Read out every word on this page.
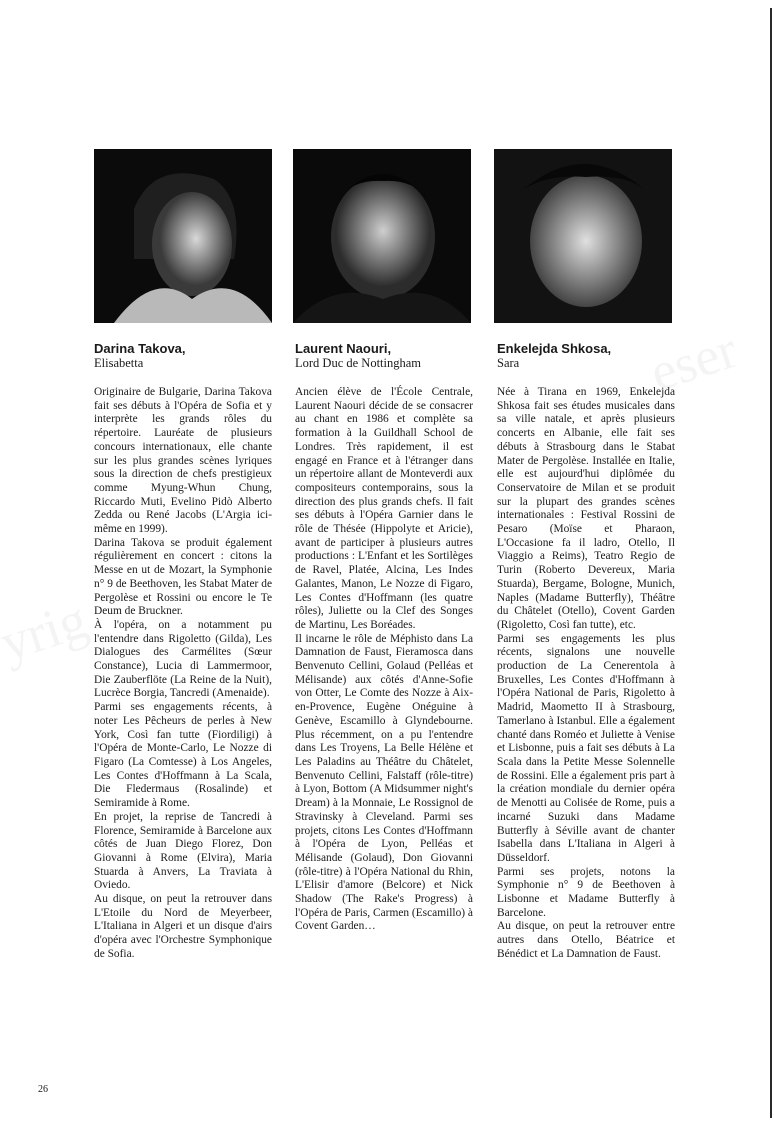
Darina Takova,
Elisabetta

Originaire de Bulgarie, Darina Takova fait ses débuts à l'Opéra de Sofia et y interprète les grands rôles du répertoire. Lauréate de plusieurs concours internationaux, elle chante sur les plus grandes scènes lyriques sous la direction de chefs prestigieux comme Myung-Whun Chung, Riccardo Muti, Evelino Pidò Alberto Zedda ou René Jacobs (L'Argia ici-même en 1999).

Darina Takova se produit également régulièrement en concert : citons la Messe en ut de Mozart, la Symphonie n° 9 de Beethoven, les Stabat Mater de Pergolèse et Rossini ou encore le Te Deum de Bruckner.

À l'opéra, on a notamment pu l'entendre dans Rigoletto (Gilda), Les Dialogues des Carmélites (Sœur Constance), Lucia di Lammermoor, Die Zauberflöte (La Reine de la Nuit), Lucrèce Borgia, Tancredi (Amenaide).

Parmi ses engagements récents, à noter Les Pêcheurs de perles à New York, Così fan tutte (Fiordiligi) à l'Opéra de Monte-Carlo, Le Nozze di Figaro (La Comtesse) à Los Angeles, Les Contes d'Hoffmann à La Scala, Die Fledermaus (Rosalinde) et Semiramide à Rome.

En projet, la reprise de Tancredi à Florence, Semiramide à Barcelone aux côtés de Juan Diego Florez, Don Giovanni à Rome (Elvira), Maria Stuarda à Anvers, La Traviata à Oviedo.

Au disque, on peut la retrouver dans L'Etoile du Nord de Meyerbeer, L'Italiana in Algeri et un disque d'airs d'opéra avec l'Orchestre Symphonique de Sofia.

Laurent Naouri,
Lord Duc de Nottingham

Ancien élève de l'École Centrale, Laurent Naouri décide de se consacrer au chant en 1986 et complète sa formation à la Guildhall School de Londres. Très rapidement, il est engagé en France et à l'étranger dans un répertoire allant de Monteverdi aux compositeurs contemporains, sous la direction des plus grands chefs. Il fait ses débuts à l'Opéra Garnier dans le rôle de Thésée (Hippolyte et Aricie), avant de participer à plusieurs autres productions : L'Enfant et les Sortilèges de Ravel, Platée, Alcina, Les Indes Galantes, Manon, Le Nozze di Figaro, Les Contes d'Hoffmann (les quatre rôles), Juliette ou la Clef des Songes de Martinu, Les Boréades.

Il incarne le rôle de Méphisto dans La Damnation de Faust, Fieramosca dans Benvenuto Cellini, Golaud (Pelléas et Mélisande) aux côtés d'Anne-Sofie von Otter, Le Comte des Nozze à Aix-en-Provence, Eugène Onéguine à Genève, Escamillo à Glyndebourne. Plus récemment, on a pu l'entendre dans Les Troyens, La Belle Hélène et Les Paladins au Théâtre du Châtelet, Benvenuto Cellini, Falstaff (rôle-titre) à Lyon, Bottom (A Midsummer night's Dream) à la Monnaie, Le Rossignol de Stravinsky à Cleveland. Parmi ses projets, citons Les Contes d'Hoffmann à l'Opéra de Lyon, Pelléas et Mélisande (Golaud), Don Giovanni (rôle-titre) à l'Opéra National du Rhin, L'Elisir d'amore (Belcore) et Nick Shadow (The Rake's Progress) à l'Opéra de Paris, Carmen (Escamillo) à Covent Garden…

Enkelejda Shkosa,
Sara

Née à Tirana en 1969, Enkelejda Shkosa fait ses études musicales dans sa ville natale, et après plusieurs concerts en Albanie, elle fait ses débuts à Strasbourg dans le Stabat Mater de Pergolèse. Installée en Italie, elle est aujourd'hui diplômée du Conservatoire de Milan et se produit sur la plupart des grandes scènes internationales : Festival Rossini de Pesaro (Moïse et Pharaon, L'Occasione fa il ladro, Otello, Il Viaggio a Reims), Teatro Regio de Turin (Roberto Devereux, Maria Stuarda), Bergame, Bologne, Munich, Naples (Madame Butterfly), Théâtre du Châtelet (Otello), Covent Garden (Rigoletto, Così fan tutte), etc.

Parmi ses engagements les plus récents, signalons une nouvelle production de La Cenerentola à Bruxelles, Les Contes d'Hoffmann à l'Opéra National de Paris, Rigoletto à Madrid, Maometto II à Strasbourg, Tamerlano à Istanbul. Elle a également chanté dans Roméo et Juliette à Venise et Lisbonne, puis a fait ses débuts à La Scala dans la Petite Messe Solennelle de Rossini. Elle a également pris part à la création mondiale du dernier opéra de Menotti au Colisée de Rome, puis a incarné Suzuki dans Madame Butterfly à Séville avant de chanter Isabella dans L'Italiana in Algeri à Düsseldorf.

Parmi ses projets, notons la Symphonie n° 9 de Beethoven à Lisbonne et Madame Butterfly à Barcelone.

Au disque, on peut la retrouver entre autres dans Otello, Béatrice et Bénédict et La Damnation de Faust.

26
